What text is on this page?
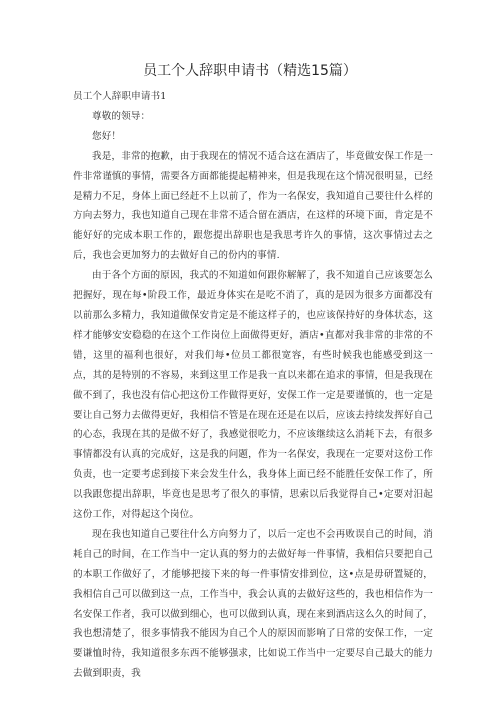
员工个人辞职申请书（精选15篇）

员工个人辞职申请书1

尊敬的领导：

您好！

我是，非常的抱歉，由于我现在的情况不适合这在酒店了，毕竟做安保工作是一件非常谨慎的事情，需要各方面都能提起精神来，但是我现在这个情况很明显，已经是精力不足，身体上面已经赶不上以前了，作为一名保安，我知道自己要往什么样的方向去努力，我也知道自己现在非常不适合留在酒店，在这样的环境下面，肯定是不能好好的完成本职工作的，跟您提出辞职也是我思考许久的事情，这次事情过去之后，我也会更加努力的去做好自己的份内的事情.

由于各个方面的原因，我式的不知道如何跟你解解了，我不知道自己应该要怎么把握好，现在每•阶段工作，最近身体实在是吃不消了，真的是因为很多方面都没有以前那么多精力，我知道做保安肯定是不能这样子的，也应该保持好的身体状态，这样才能够安安稳稳的在这个工作岗位上面做得更好，酒店•直都对我非常的非常的不错，这里的福利也很好，对我们每•位员工都很宽容，有些时候我也能感受到这一点，其的是特别的不容易，来到这里工作是我一直以来都在追求的事情，但是我现在做不到了，我也没有信心把这份工作做得更好，安保工作一定是要谨慎的，也一定是要让自己努力去做得更好，我相信不管是在现在还是在以后，应该去持续发挥好自己的心态，我现在其的是做不好了，我感觉很吃力，不应该继续这么消耗下去，有很多事情都没有认真的完成好，这是我的问题，作为一名保安，我现在一定要对这份工作负责，也一定要考虑到接下来会发生什么，我身体上面已经不能胜任安保工作了，所以我跟您提出辞职，毕竟也是思考了很久的事情，思索以后我觉得自己•定要对汨起这份工作，对得起这个岗位。

现在我也知道自己要往什么方向努力了，以后一定也不会再败误自己的时间，消耗自己的时间，在工作当中一定认真的努力的去做好每一件事情，我相信只要把自己的本职工作做好了，才能够把接下来的每一件事情安排到位，这•点是毋研置疑的，我相信自己可以做到这一点，工作当中，我会认真的去做好这些的，我也相信作为一名安保工作者，我可以做到细心，也可以做到认真，现在来到酒店这么久的时间了，我也想清楚了，很多事情我不能因为自己个人的原因而影响了日常的安保工作，一定要谦恤时待，我知道很多东西不能够强求，比如说工作当中一定要尽自己最大的能力去做到职责，我
